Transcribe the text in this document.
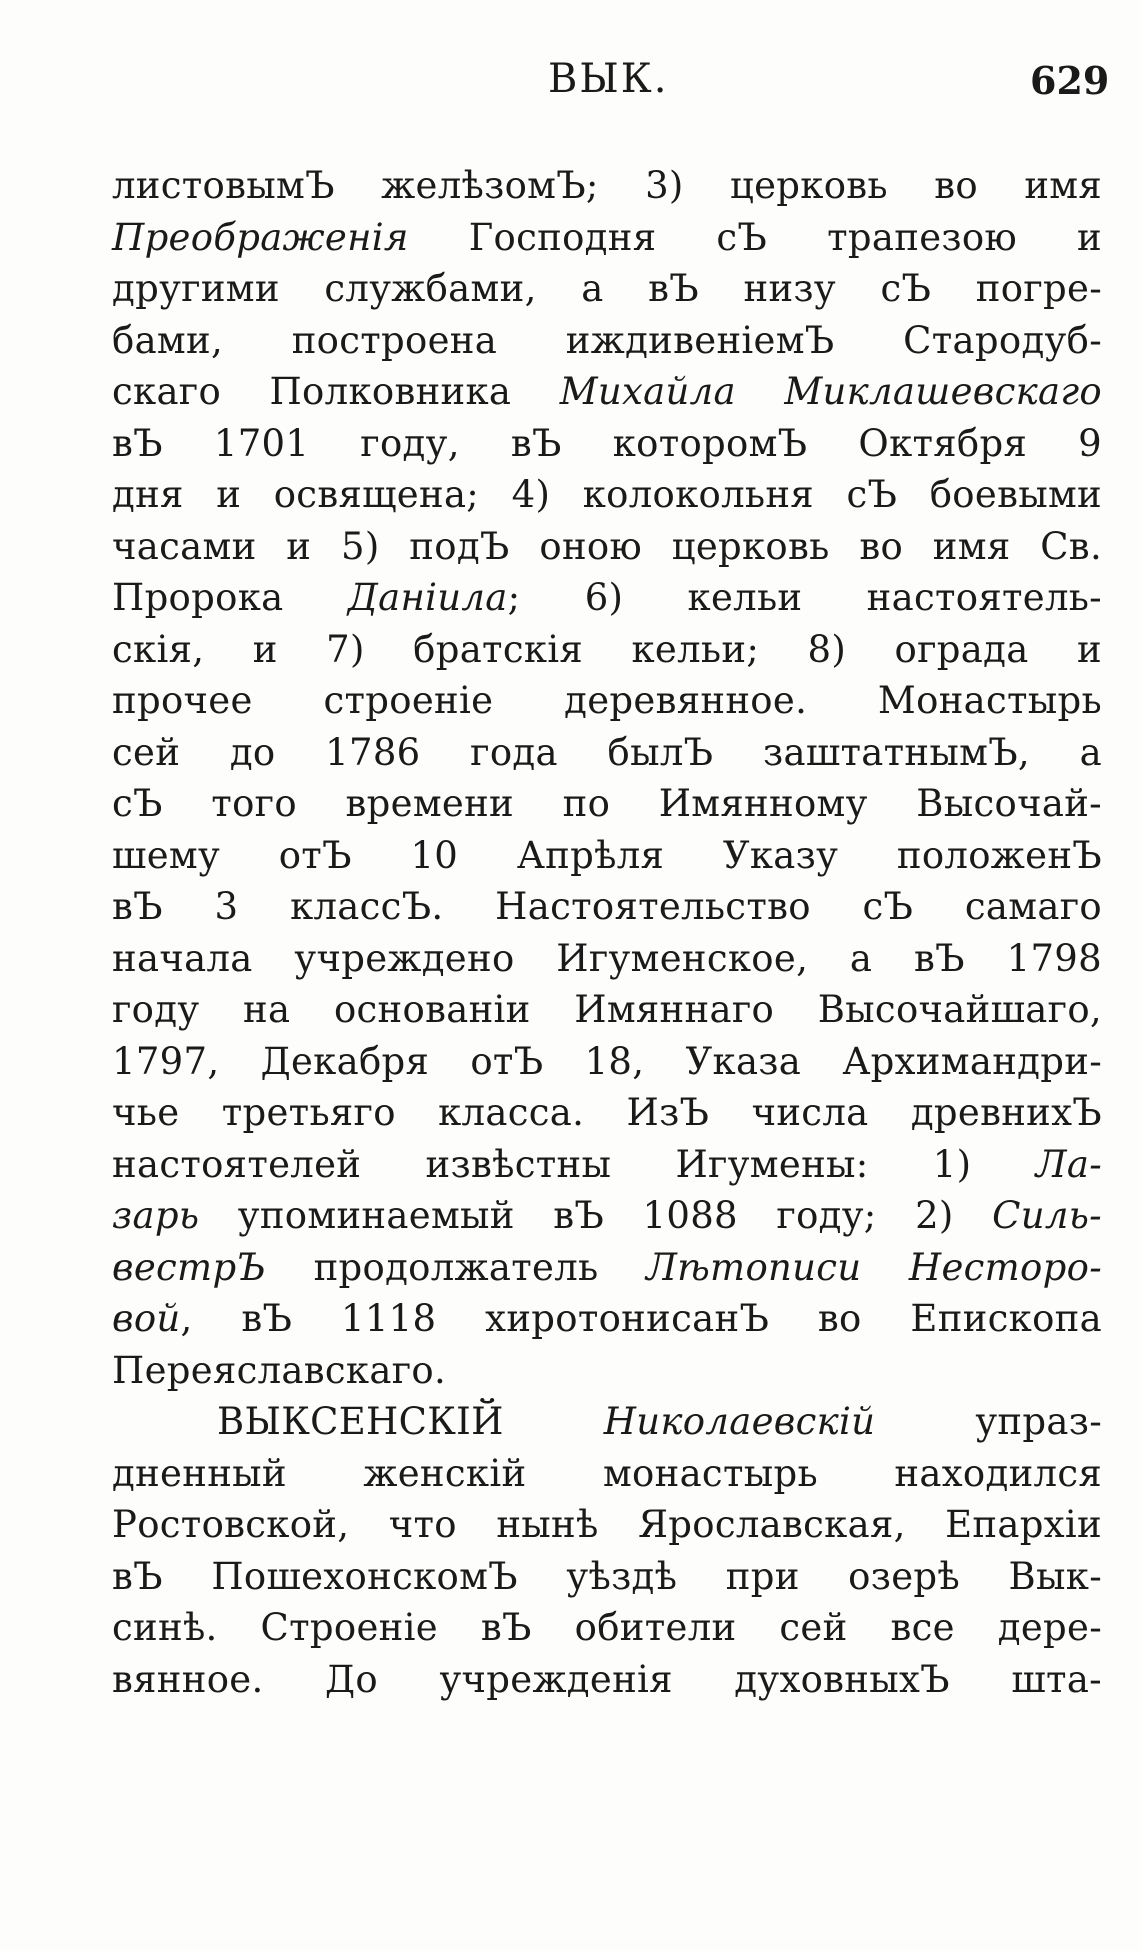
ВЫК.	629
листовымЪ желѣзомЪ; 3) церковь во имя
Преображенія Господня сЪ трапезою и
другими службами, а вЪ низу сЪ погре-
бами, построена иждивеніемЪ Стародуб-
скаго Полковника Михайла Миклашевскаго
вЪ 1701 году, вЪ которомЪ Октября 9
дня и освящена; 4) колокольня сЪ боевыми
часами и 5) подЪ оною церковь во имя Св.
Пророка Даніила; 6) кельи настоятель-
скія, и 7) братскія кельи; 8) ограда и
прочее строеніе деревянное. Монастырь
сей до 1786 года былЪ заштатнымЪ, а
сЪ того времени по Имянному Высочай-
шему отЪ 10 Апрѣля Указу положенЪ
вЪ 3 классЪ. Настоятельство сЪ самаго
начала учреждено Игуменское, а вЪ 1798
году на основаніи Имяннаго Высочайшаго,
1797, Декабря отЪ 18, Указа Архимандри-
чье третьяго класса. ИзЪ числа древнихЪ
настоятелей извѣстны Игумены: 1) Ла-
зарь упоминаемый вЪ 1088 году; 2) Силь-
вестрЪ продолжатель Лѣтописи Несторо-
вой, вЪ 1118 хиротонисанЪ во Епископа
Переяславскаго.
ВЫКСЕНСКІЙ Николаевскій упраз-
дненный женскій монастырь находился
Ростовской, что нынѣ Ярославская, Епархіи
вЪ ПошехонскомЪ уѣздѣ при озерѣ Вык-
синѣ. Строеніе вЪ обители сей все дере-
вянное. До учрежденія духовныхЪ шта-
